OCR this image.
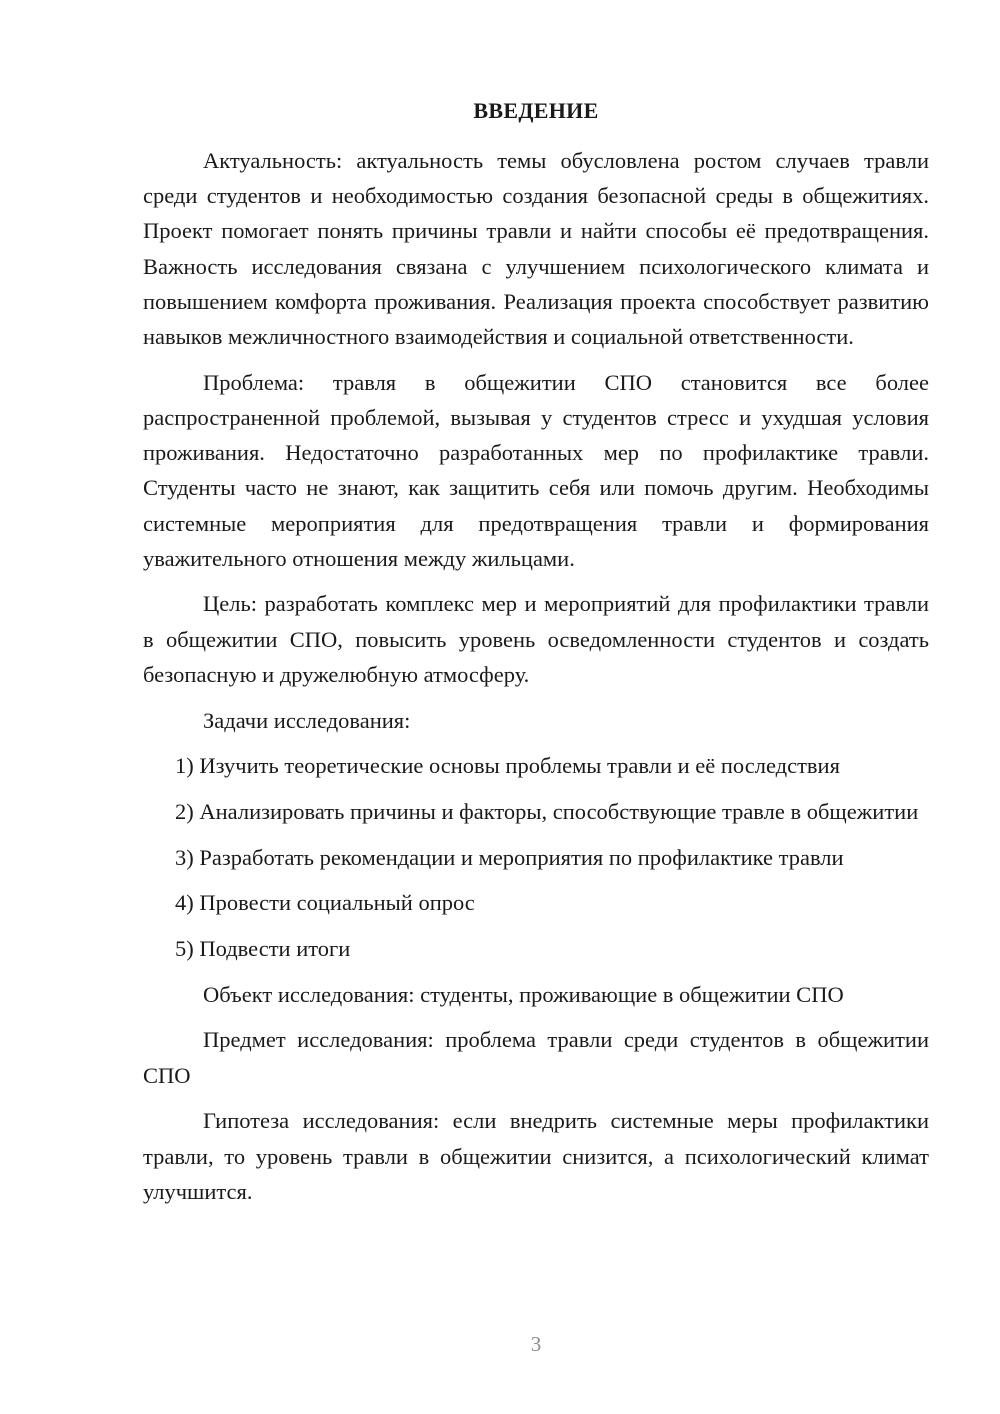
ВВЕДЕНИЕ

Актуальность: актуальность темы обусловлена ростом случаев травли среди студентов и необходимостью создания безопасной среды в общежитиях. Проект помогает понять причины травли и найти способы её предотвращения. Важность исследования связана с улучшением психологического климата и повышением комфорта проживания. Реализация проекта способствует развитию навыков межличностного взаимодействия и социальной ответственности.

Проблема: травля в общежитии СПО становится все более распространенной проблемой, вызывая у студентов стресс и ухудшая условия проживания. Недостаточно разработанных мер по профилактике травли. Студенты часто не знают, как защитить себя или помочь другим. Необходимы системные мероприятия для предотвращения травли и формирования уважительного отношения между жильцами.

Цель: разработать комплекс мер и мероприятий для профилактики травли в общежитии СПО, повысить уровень осведомленности студентов и создать безопасную и дружелюбную атмосферу.

Задачи исследования:

1) Изучить теоретические основы проблемы травли и её последствия

2) Анализировать причины и факторы, способствующие травле в общежитии

3) Разработать рекомендации и мероприятия по профилактике травли

4) Провести социальный опрос

5) Подвести итоги

Объект исследования: студенты, проживающие в общежитии СПО

Предмет исследования: проблема травли среди студентов в общежитии СПО

Гипотеза исследования: если внедрить системные меры профилактики травли, то уровень травли в общежитии снизится, а психологический климат улучшится.

3
